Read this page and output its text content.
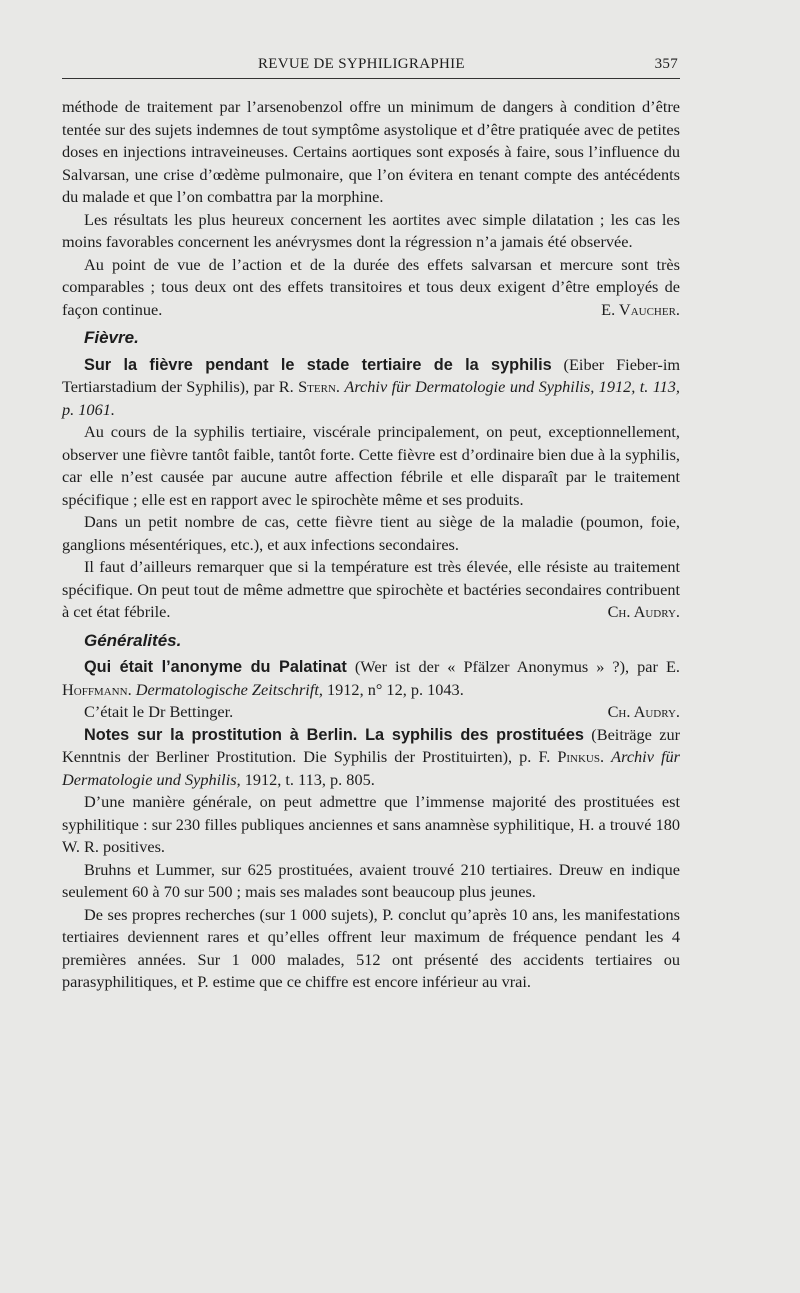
REVUE DE SYPHILIGRAPHIE	357

méthode de traitement par l’arsenobenzol offre un minimum de dangers à condition d’être tentée sur des sujets indemnes de tout symptôme asystolique et d’être pratiquée avec de petites doses en injections intraveineuses. Certains aortiques sont exposés à faire, sous l’influence du Salvarsan, une crise d’œdème pulmonaire, que l’on évitera en tenant compte des antécédents du malade et que l’on combattra par la morphine.

Les résultats les plus heureux concernent les aortites avec simple dilatation ; les cas les moins favorables concernent les anévrysmes dont la régression n’a jamais été observée.

Au point de vue de l’action et de la durée des effets salvarsan et mercure sont très comparables ; tous deux ont des effets transitoires et tous deux exigent d’être employés de façon continue.	E. Vaucher.

Fièvre.

Sur la fièvre pendant le stade tertiaire de la syphilis (Eiber Fieber-im Tertiarstadium der Syphilis), par R. Stern. Archiv für Dermatologie und Syphilis, 1912, t. 113, p. 1061.

Au cours de la syphilis tertiaire, viscérale principalement, on peut, exceptionnellement, observer une fièvre tantôt faible, tantôt forte. Cette fièvre est d’ordinaire bien due à la syphilis, car elle n’est causée par aucune autre affection fébrile et elle disparaît par le traitement spécifique ; elle est en rapport avec le spirochète même et ses produits.

Dans un petit nombre de cas, cette fièvre tient au siège de la maladie (poumon, foie, ganglions mésentériques, etc.), et aux infections secondaires.

Il faut d’ailleurs remarquer que si la température est très élevée, elle résiste au traitement spécifique. On peut tout de même admettre que spirochète et bactéries secondaires contribuent à cet état fébrile.	Ch. Audry.

Généralités.

Qui était l’anonyme du Palatinat (Wer ist der « Pfälzer Anonymus » ?), par E. Hoffmann. Dermatologische Zeitschrift, 1912, n° 12, p. 1043.

C’était le Dr Bettinger.	Ch. Audry.

Notes sur la prostitution à Berlin. La syphilis des prostituées (Beiträge zur Kenntnis der Berliner Prostitution. Die Syphilis der Prostituirten), p. F. Pinkus. Archiv für Dermatologie und Syphilis, 1912, t. 113, p. 805.

D’une manière générale, on peut admettre que l’immense majorité des prostituées est syphilitique : sur 230 filles publiques anciennes et sans anamnèse syphilitique, H. a trouvé 180 W. R. positives.

Bruhns et Lummer, sur 625 prostituées, avaient trouvé 210 tertiaires. Dreuw en indique seulement 60 à 70 sur 500 ; mais ses malades sont beaucoup plus jeunes.

De ses propres recherches (sur 1 000 sujets), P. conclut qu’après 10 ans, les manifestations tertiaires deviennent rares et qu’elles offrent leur maximum de fréquence pendant les 4 premières années. Sur 1 000 malades, 512 ont présenté des accidents tertiaires ou parasyphilitiques, et P. estime que ce chiffre est encore inférieur au vrai.
